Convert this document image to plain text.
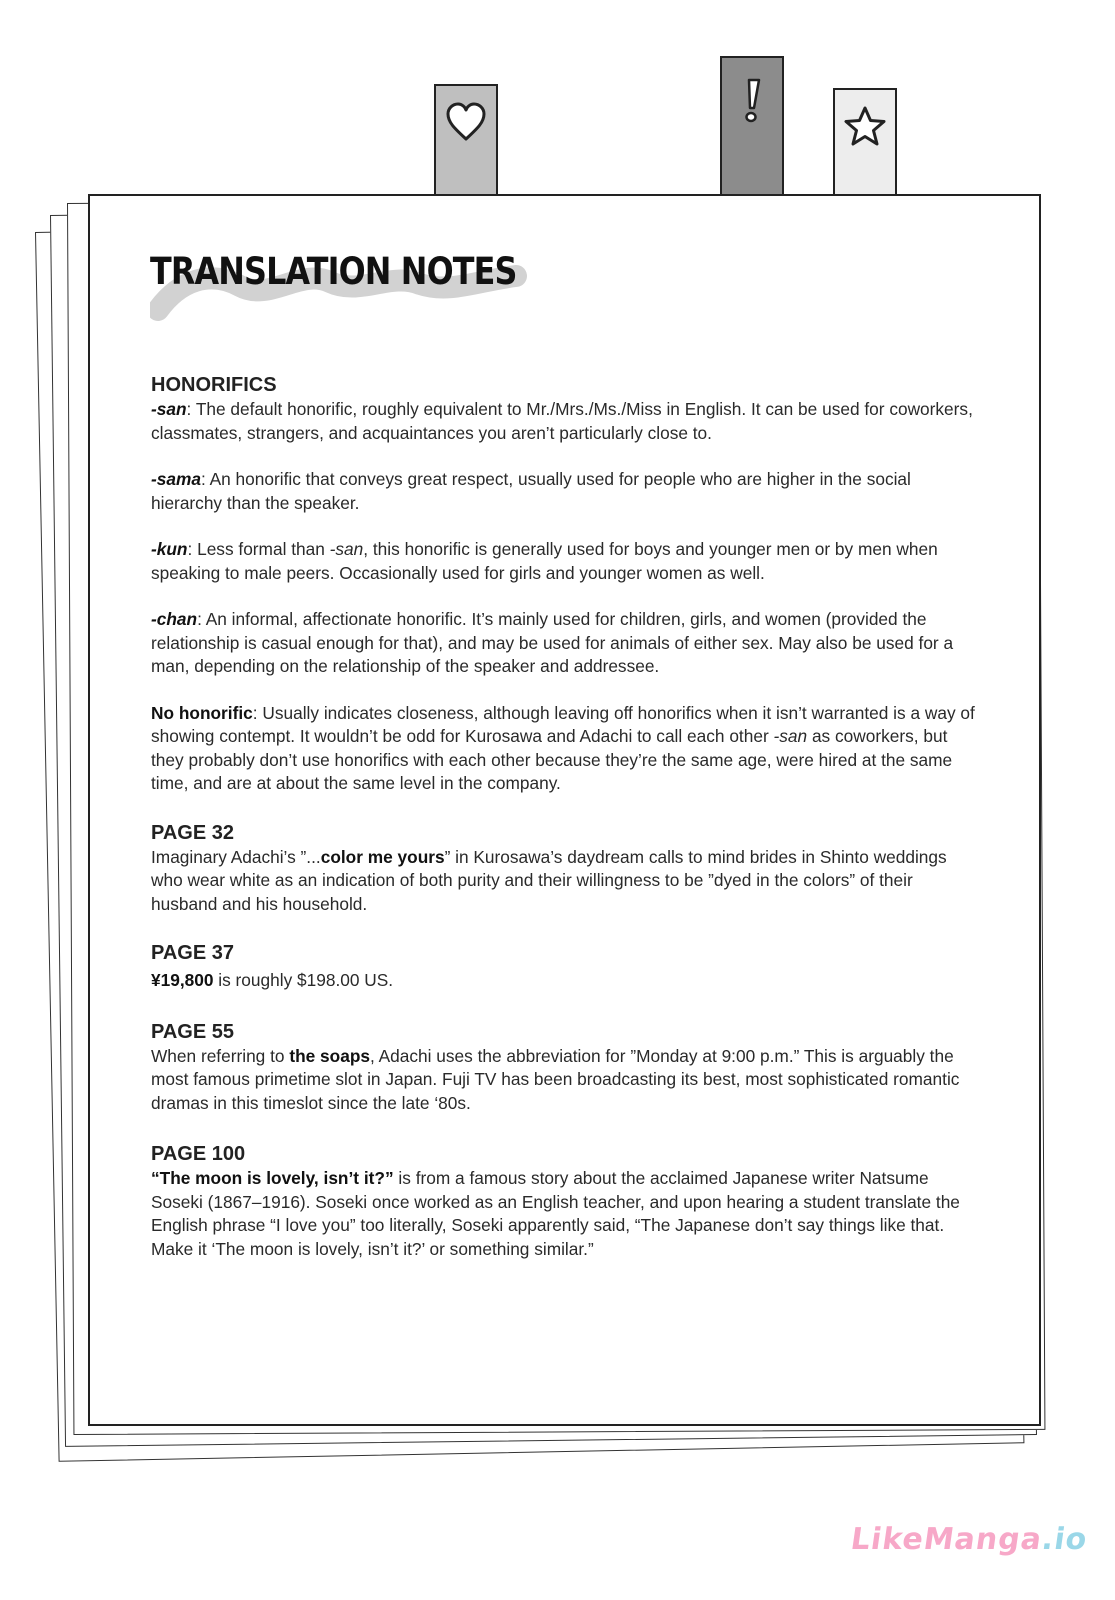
TRANSLATION NOTES
HONORIFICS

-san: The default honorific, roughly equivalent to Mr./Mrs./Ms./Miss in English. It can be used for coworkers, classmates, strangers, and acquaintances you aren’t particularly close to.

-sama: An honorific that conveys great respect, usually used for people who are higher in the social hierarchy than the speaker.

-kun: Less formal than -san, this honorific is generally used for boys and younger men or by men when speaking to male peers. Occasionally used for girls and younger women as well.

-chan: An informal, affectionate honorific. It’s mainly used for children, girls, and women (provided the relationship is casual enough for that), and may be used for animals of either sex. May also be used for a man, depending on the relationship of the speaker and addressee.

No honorific: Usually indicates closeness, although leaving off honorifics when it isn’t warranted is a way of showing contempt. It wouldn’t be odd for Kurosawa and Adachi to call each other -san as coworkers, but they probably don’t use honorifics with each other because they’re the same age, were hired at the same time, and are at about the same level in the company.

PAGE 32

Imaginary Adachi’s ”...color me yours” in Kurosawa’s daydream calls to mind brides in Shinto weddings who wear white as an indication of both purity and their willingness to be ”dyed in the colors” of their husband and his household.

PAGE 37

¥19,800 is roughly $198.00 US.

PAGE 55

When referring to the soaps, Adachi uses the abbreviation for ”Monday at 9:00 p.m.” This is arguably the most famous primetime slot in Japan. Fuji TV has been broadcasting its best, most sophisticated romantic dramas in this timeslot since the late ‘80s.

PAGE 100

“The moon is lovely, isn’t it?” is from a famous story about the acclaimed Japanese writer Natsume Soseki (1867–1916). Soseki once worked as an English teacher, and upon hearing a student translate the English phrase “I love you” too literally, Soseki apparently said, “The Japanese don’t say things like that. Make it ‘The moon is lovely, isn’t it?’ or something similar.”

LikeManga.io
